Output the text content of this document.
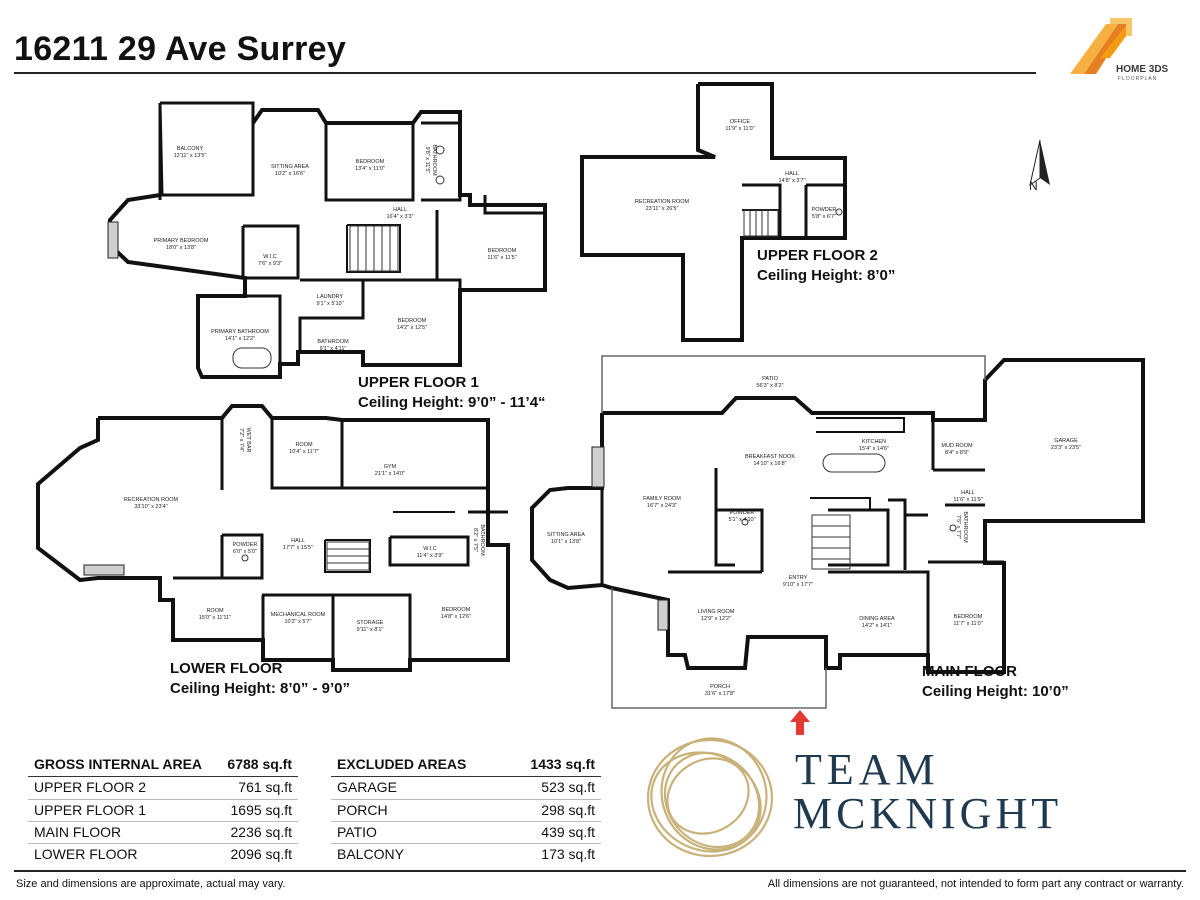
16211 29 Ave Surrey
HOME 3DS
FLOORPLAN
N
BALCONY
12'11" x 13'5"
SITTING AREA
10'2" x 16'6"
BEDROOM
13'4" x 11'0"	BATHROOM
9'8" x 11'5"
HALL
16'4" x 3'3"
PRIMARY BEDROOM
18'0" x 13'8"
W.I.C
7'6" x 9'3"
BEDROOM
11'6" x 11'5"
LAUNDRY
9'1" x 5'10"
PRIMARY BATHROOM
14'1" x 12'2"
BEDROOM
14'2" x 12'5"
BATHROOM
9'1" x 4'11"
OFFICE
11'9" x 11'0"
HALL
14'8" x 3'7"
RECREATION ROOM
23'11" x 26'5"	POWDER
5'8" x 6'7"
WET BAR
7'2" x 7'4"	ROOM
10'4" x 11'7"
GYM
21'1" x 14'0"
RECREATION ROOM
33'10" x 23'4"
HALL
17'7" x 15'5"
POWDER
6'0" x 5'0"	W.I.C
11'4" x 3'9"
BATHROOM
8'2" x 7'5"
ROOM
15'0" x 11'11"	MECHANICAL ROOM
10'2" x 5'7"	STORAGE
9'11" x 8'1"
BEDROOM
14'8" x 12'6"
PATIO
56'3" x 8'2"
KITCHEN
15'4" x 14'6"	MUD ROOM
8'4" x 8'9"
GARAGE
23'3" x 23'5"
BREAKFAST NOOK
14'10" x 16'8"
HALL
11'6" x 11'9"
FAMILY ROOM
16'7" x 24'3"
POWDER
5'1" x 4'10"	BATHROOM
7'5" x 7'7"
SITTING AREA
10'1" x 13'8"
ENTRY
9'10" x 17'7"
LIVING ROOM
12'9" x 12'2"	DINING AREA
14'2" x 14'1"
BEDROOM
11'7" x 11'0"
PORCH
31'6" x 17'8"
UPPER FLOOR 2
Ceiling Height: 8’0”
UPPER FLOOR 1
Ceiling Height: 9’0” - 11’4“
LOWER FLOOR
Ceiling Height: 8’0” - 9’0”
MAIN FLOOR
Ceiling Height: 10’0”
GROSS INTERNAL AREA 6788 sq.ft
UPPER FLOOR 2	761 sq.ft
UPPER FLOOR 1	1695 sq.ft
MAIN FLOOR	2236 sq.ft
LOWER FLOOR	2096 sq.ft
EXCLUDED AREAS	1433 sq.ft
GARAGE	523 sq.ft
PORCH	298 sq.ft
PATIO	439 sq.ft
BALCONY	173 sq.ft
TEAM
MCKNIGHT
Size and dimensions are approximate, actual may vary.	All dimensions are not guaranteed, not intended to form part any contract or warranty.
